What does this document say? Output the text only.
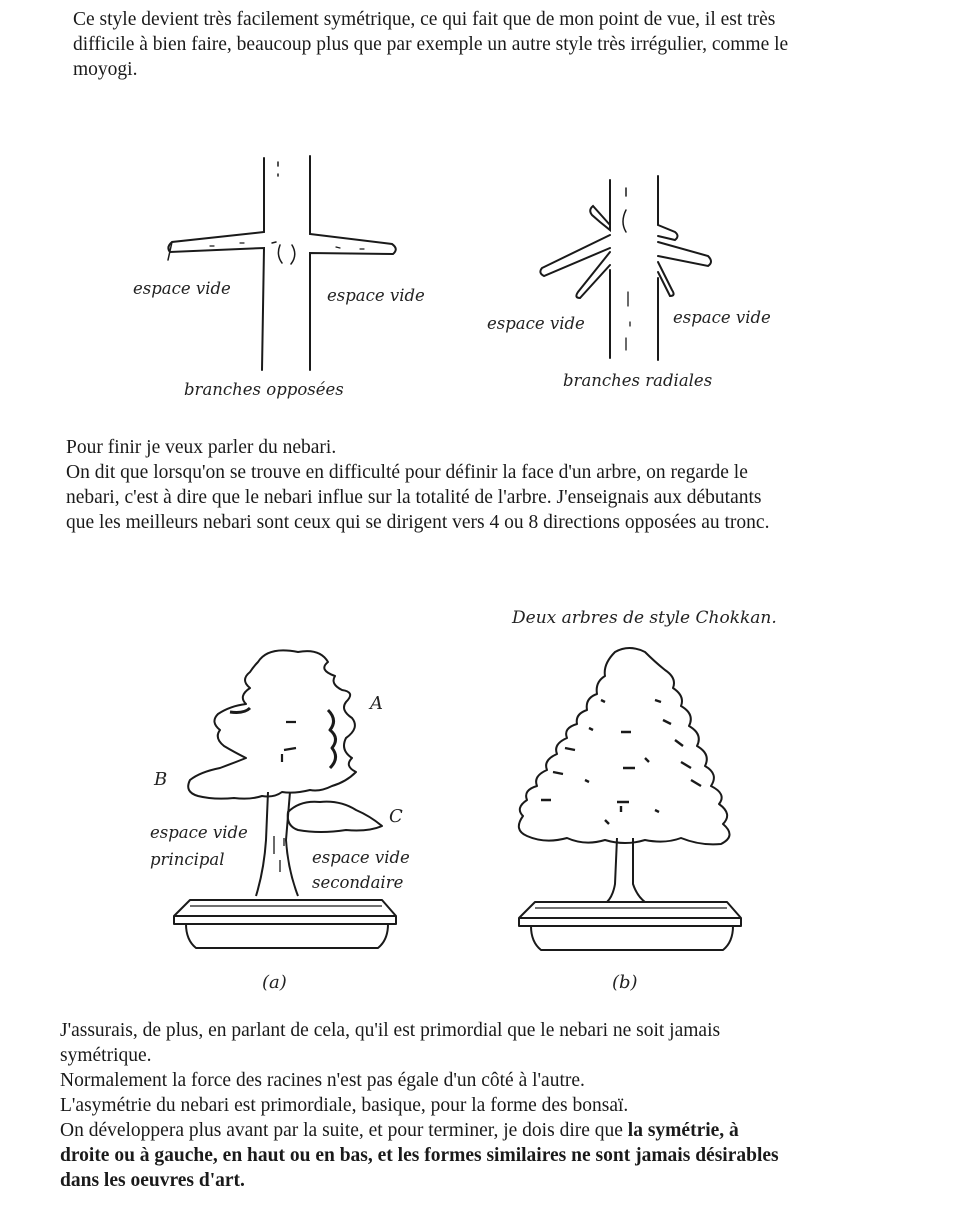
Ce style devient très facilement symétrique, ce qui fait que de mon point de vue, il est très
difficile à bien faire, beaucoup plus que par exemple un autre style très irrégulier, comme le
moyogi.
espace vide	espace vide
branches opposées
espace vide	espace vide
branches radiales
Pour finir je veux parler du nebari.
On dit que lorsqu'on se trouve en difficulté pour définir la face d'un arbre, on regarde le
nebari, c'est à dire que le nebari influe sur la totalité de l'arbre. J'enseignais aux débutants
que les meilleurs nebari sont ceux qui se dirigent vers 4 ou 8 directions opposées au tronc.
Deux arbres de style Chokkan.
A
B
C
espace vide
principal	espace vide
secondaire
(a)	(b)
J'assurais, de plus, en parlant de cela, qu'il est primordial que le nebari ne soit jamais
symétrique.
Normalement la force des racines n'est pas égale d'un côté à l'autre.
L'asymétrie du nebari est primordiale, basique, pour la forme des bonsaï.
On développera plus avant par la suite, et pour terminer, je dois dire que la symétrie, à
droite ou à gauche, en haut ou en bas, et les formes similaires ne sont jamais désirables
dans les oeuvres d'art.
